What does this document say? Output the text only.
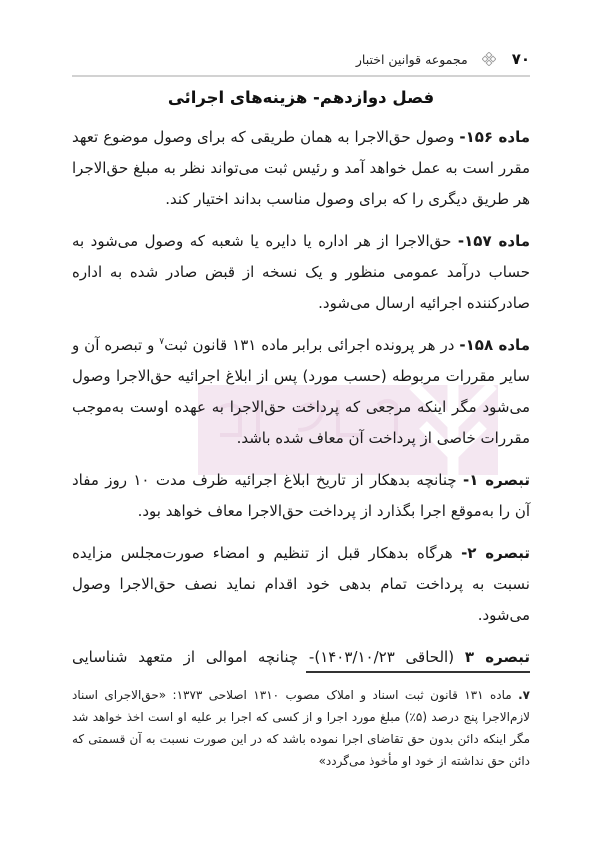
۷۰
مجموعه قوانین اختبار
فصل دوازدهم- هزینه‌های اجرائی

ماده ۱۵۶- وصول حق‌الاجرا به همان طریقی که برای وصول موضوع تعهد مقرر است به عمل خواهد آمد و رئیس ثبت می‌تواند نظر به مبلغ حق‌الاجرا هر طریق دیگری را که برای وصول مناسب بداند اختیار کند.

ماده ۱۵۷- حق‌الاجرا از هر اداره یا دایره یا شعبه که وصول می‌شود به حساب درآمد عمومی منظور و یک نسخه از قبض صادر شده به اداره صادرکننده اجرائیه ارسال می‌شود.

ماده ۱۵۸- در هر پرونده اجرائی برابر ماده ۱۳۱ قانون ثبت$^۷$ و تبصره آن و سایر مقررات مربوطه (حسب مورد) پس از ابلاغ اجرائیه حق‌الاجرا وصول می‌شود مگر اینکه مرجعی که پرداخت حق‌الاجرا به عهده اوست به‌موجب مقررات خاصی از پرداخت آن معاف شده باشد.

تبصره ۱- چنانچه بدهکار از تاریخ ابلاغ اجرائیه ظرف مدت ۱۰ روز مفاد آن را به‌موقع اجرا بگذارد از پرداخت حق‌الاجرا معاف خواهد بود.

تبصره ۲- هرگاه بدهکار قبل از تنظیم و امضاء صورت‌مجلس مزایده نسبت به پرداخت تمام بدهی خود اقدام نماید نصف حق‌الاجرا وصول می‌شود.

تبصره ۳ (الحاقی ۱۴۰۳/۱۰/۲۳)- چنانچه اموالی از متعهد شناسایی

۷. ماده ۱۳۱ قانون ثبت اسناد و املاک مصوب ۱۳۱۰ اصلاحی ۱۳۷۳: «حق‌الاجرای اسناد لازم‌الاجرا پنج درصد (۵٪) مبلغ مورد اجرا و از کسی که اجرا بر علیه او است اخذ خواهد شد مگر اینکه دائن بدون حق تقاضای اجرا نموده باشد که در این صورت نسبت به آن قسمتی که دائن حق نداشته از خود او مأخوذ می‌گردد»
